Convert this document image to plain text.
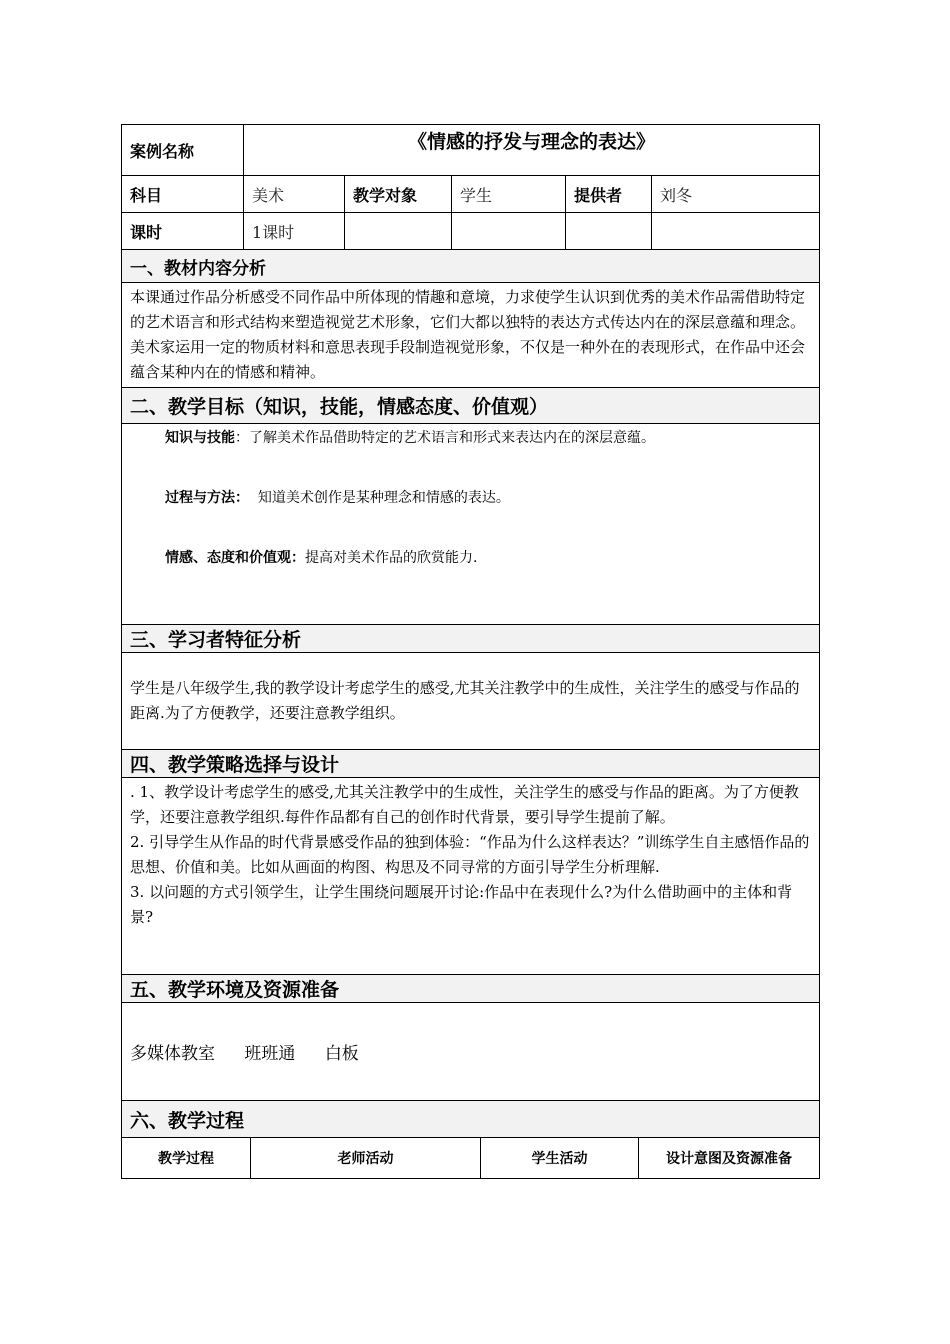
案例名称	《情感的抒发与理念的表达》				
科目	美术	教学对象	学生	提供者	刘冬
课时	1课时				
一、教材内容分析					
本课通过作品分析感受不同作品中所体现的情趣和意境，力求使学生认识到优秀的美术作品需借助特定的艺术语言和形式结构来塑造视觉艺术形象，它们大都以独特的表达方式传达内在的深层意蕴和理念。美术家运用一定的物质材料和意思表现手段制造视觉形象，不仅是一种外在的表现形式，在作品中还会蕴含某种内在的情感和精神。					
二、教学目标（知识，技能，情感态度、价值观）					

知识与技能：了解美术作品借助特定的艺术语言和形式来表达内在的深层意蕴。
过程与方法：  知道美术创作是某种理念和情感的表达。
情感、态度和价值观：提高对美术作品的欣赏能力.					

三、学习者特征分析					
学生是八年级学生,我的教学设计考虑学生的感受,尤其关注教学中的生成性，关注学生的感受与作品的距离.为了方便教学，还要注意教学组织。					
四、教学策略选择与设计					

. 1、教学设计考虑学生的感受,尤其关注教学中的生成性，关注学生的感受与作品的距离。为了方便教学，还要注意教学组织.每件作品都有自己的创作时代背景，要引导学生提前了解。
2. 引导学生从作品的时代背景感受作品的独到体验：“作品为什么这样表达？”训练学生自主感悟作品的思想、价值和美。比如从画面的构图、构思及不同寻常的方面引导学生分析理解.
3. 以问题的方式引领学生，让学生围绕问题展开讨论:作品中在表现什么?为什么借助画中的主体和背景?					

五、教学环境及资源准备					
多媒体教室 班班通 白板					
六、教学过程					
教学过程	老师活动	学生活动	设计意图及资源准备
